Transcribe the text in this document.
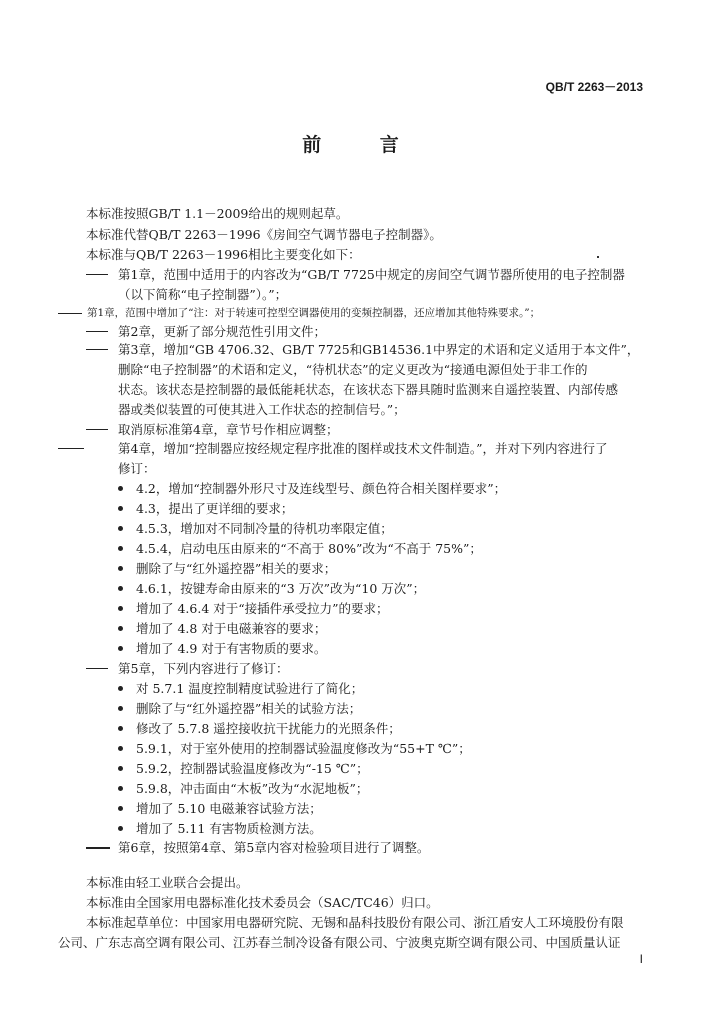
QB/T 2263－2013
前 言
本标准按照GB/T 1.1－2009给出的规则起草。
本标准代替QB/T 2263－1996《房间空气调节器电子控制器》。
本标准与QB/T 2263－1996相比主要变化如下：
第1章，范围中适用于的内容改为“GB/T 7725中规定的房间空气调节器所使用的电子控制器
（以下简称“电子控制器”）。”；
第1章，范围中增加了“注：对于转速可控型空调器使用的变频控制器，还应增加其他特殊要求。”；
第2章，更新了部分规范性引用文件；
第3章，增加“GB 4706.32、GB/T 7725和GB14536.1中界定的术语和定义适用于本文件”，
删除“电子控制器”的术语和定义，“待机状态”的定义更改为“接通电源但处于非工作的
状态。该状态是控制器的最低能耗状态，在该状态下器具随时监测来自遥控装置、内部传感
器或类似装置的可使其进入工作状态的控制信号。”；
取消原标准第4章，章节号作相应调整；
第4章，增加“控制器应按经规定程序批准的图样或技术文件制造。”，并对下列内容进行了
修订：
4.2，增加“控制器外形尺寸及连线型号、颜色符合相关图样要求”；
4.3，提出了更详细的要求；
4.5.3，增加对不同制冷量的待机功率限定值；
4.5.4，启动电压由原来的“不高于 80%”改为“不高于 75%”；
删除了与“红外遥控器”相关的要求；
4.6.1，按键寿命由原来的“3 万次”改为“10 万次”；
增加了 4.6.4 对于“接插件承受拉力”的要求；
增加了 4.8 对于电磁兼容的要求；
增加了 4.9 对于有害物质的要求。
第5章，下列内容进行了修订：
对 5.7.1 温度控制精度试验进行了简化；
删除了与“红外遥控器”相关的试验方法；
修改了 5.7.8 遥控接收抗干扰能力的光照条件；
5.9.1，对于室外使用的控制器试验温度修改为“55+T ℃”；
5.9.2，控制器试验温度修改为“-15 ℃”；
5.9.8，冲击面由“木板”改为“水泥地板”；
增加了 5.10 电磁兼容试验方法；
增加了 5.11 有害物质检测方法。
第6章，按照第4章、第5章内容对检验项目进行了调整。
本标准由轻工业联合会提出。
本标准由全国家用电器标准化技术委员会（SAC/TC46）归口。
本标准起草单位：中国家用电器研究院、无锡和晶科技股份有限公司、浙江盾安人工环境股份有限
公司、广东志高空调有限公司、江苏春兰制冷设备有限公司、宁波奥克斯空调有限公司、中国质量认证
I
